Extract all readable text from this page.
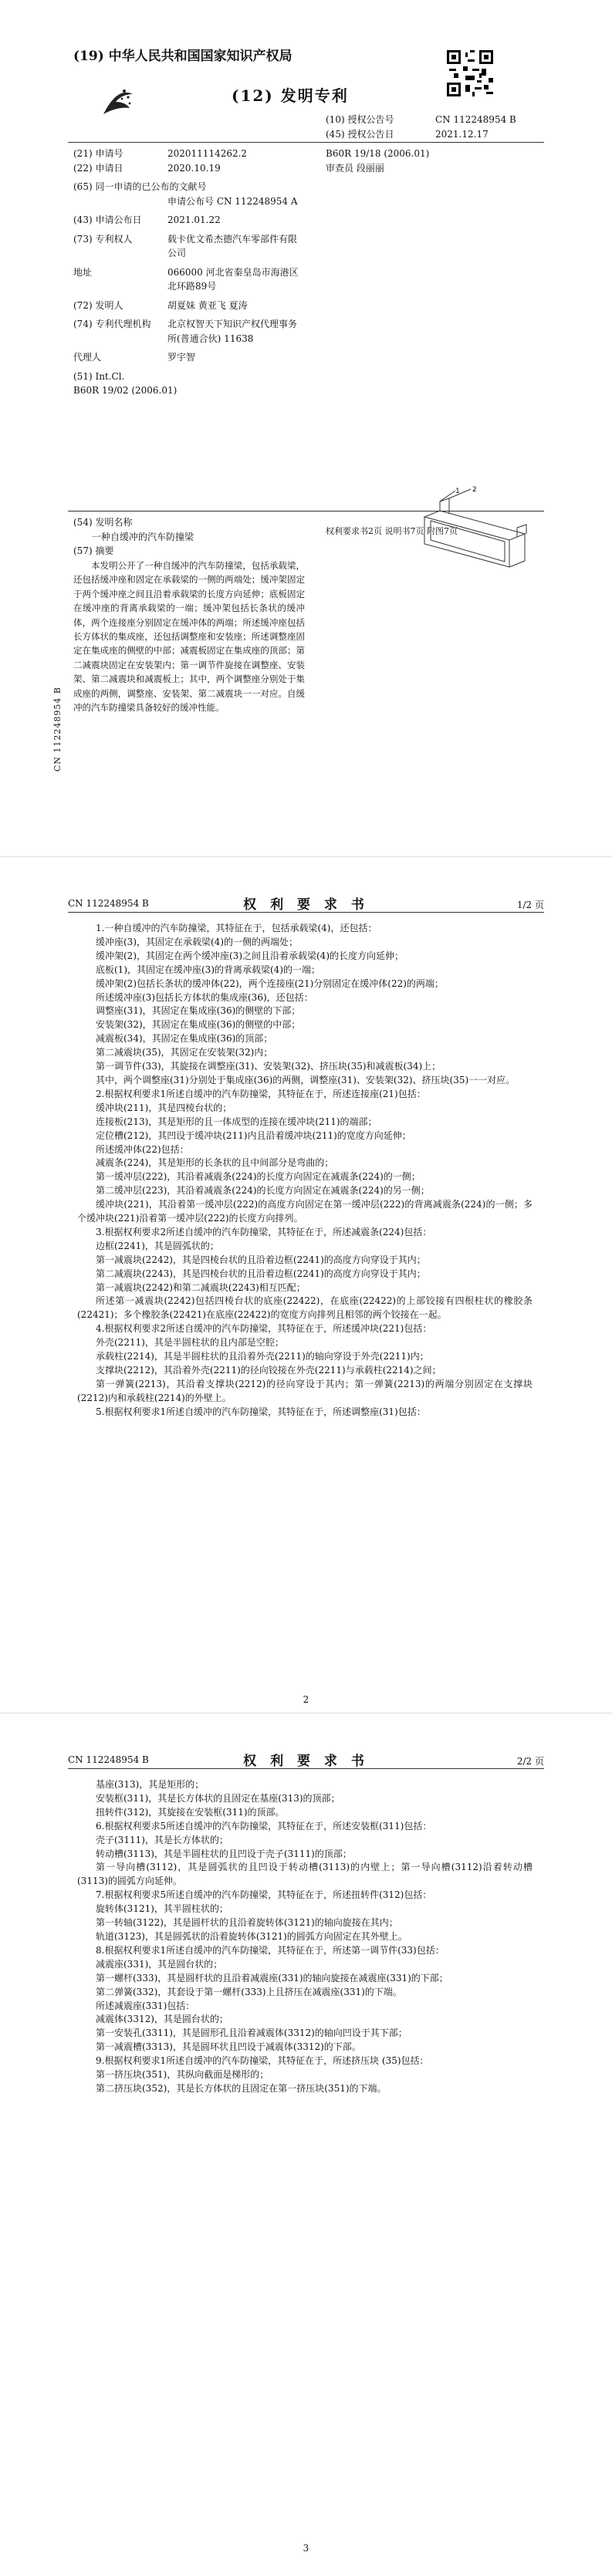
(19) 中华人民共和国国家知识产权局
(12) 发明专利
(10) 授权公告号	CN 112248954 B
(45) 授权公告日	2021.12.17
(21) 申请号	202011114262.2
(22) 申请日	2020.10.19
(65) 同一申请的已公布的文献号
申请公布号 CN 112248954 A
(43) 申请公布日	2021.01.22
(73) 专利权人	载卡优文希杰德汽车零部件有限公司
地址	066000 河北省秦皇岛市海港区北环路89号
(72) 发明人	胡夏妹 黄亚飞 夏涛
(74) 专利代理机构	北京权智天下知识产权代理事务所(普通合伙) 11638
代理人	罗宇智
(51) Int.Cl.
B60R 19/02 (2006.01)
B60R 19/18 (2006.01)
审查员 段丽丽
权利要求书2页 说明书7页 附图7页
(54) 发明名称
一种自缓冲的汽车防撞梁
(57) 摘要

本发明公开了一种自缓冲的汽车防撞梁，包括承载梁，还包括缓冲座和固定在承载梁的一侧的两端处；缓冲架固定于两个缓冲座之间且沿着承载梁的长度方向延伸；底板固定在缓冲座的背离承载梁的一端；缓冲架包括长条状的缓冲体，两个连接座分别固定在缓冲体的两端；所述缓冲座包括长方体状的集成座，还包括调整座和安装座；所述调整座固定在集成座的侧壁的中部；减震板固定在集成座的顶部；第二减震块固定在安装架内；第一调节件旋接在调整座、安装架、第二减震块和减震板上；其中，两个调整座分别处于集成座的两侧，调整座、安装架、第二减震块一一对应。自缓冲的汽车防撞梁具备较好的缓冲性能。

1 2
CN 112248954 B
CN 112248954 B	权 利 要 求 书	1/2 页
1.一种自缓冲的汽车防撞梁，其特征在于，包括承载梁(4)，还包括：
缓冲座(3)，其固定在承载梁(4)的一侧的两端处；
缓冲架(2)，其固定在两个缓冲座(3)之间且沿着承载梁(4)的长度方向延伸；
底板(1)，其固定在缓冲座(3)的背离承载梁(4)的一端；
缓冲架(2)包括长条状的缓冲体(22)，两个连接座(21)分别固定在缓冲体(22)的两端；
所述缓冲座(3)包括长方体状的集成座(36)，还包括：
调整座(31)，其固定在集成座(36)的侧壁的下部；
安装架(32)，其固定在集成座(36)的侧壁的中部；
减震板(34)，其固定在集成座(36)的顶部；
第二减震块(35)，其固定在安装架(32)内；
第一调节件(33)，其旋接在调整座(31)、安装架(32)、挤压块(35)和减震板(34)上；
其中，两个调整座(31)分别处于集成座(36)的两侧，调整座(31)、安装架(32)、挤压块(35)一一对应。
2.根据权利要求1所述自缓冲的汽车防撞梁，其特征在于，所述连接座(21)包括：
缓冲块(211)，其是四棱台状的；
连接板(213)，其是矩形的且一体成型的连接在缓冲块(211)的端部；
定位槽(212)，其凹设于缓冲块(211)内且沿着缓冲块(211)的宽度方向延伸；
所述缓冲体(22)包括：
减震条(224)，其是矩形的长条状的且中间部分是弯曲的；
第一缓冲层(222)，其沿着减震条(224)的长度方向固定在减震条(224)的一侧；
第二缓冲层(223)，其沿着减震条(224)的长度方向固定在减震条(224)的另一侧；
缓冲块(221)，其沿着第一缓冲层(222)的高度方向固定在第一缓冲层(222)的背离减震条(224)的一侧；多个缓冲块(221)沿着第一缓冲层(222)的长度方向排列。
3.根据权利要求2所述自缓冲的汽车防撞梁，其特征在于，所述减震条(224)包括：
边框(2241)，其是圆弧状的；
第一减震块(2242)，其是四棱台状的且沿着边框(2241)的高度方向穿设于其内；
第二减震块(2243)，其是四棱台状的且沿着边框(2241)的高度方向穿设于其内；
第一减震块(2242)和第二减震块(2243)相互匹配；
所述第一减震块(2242)包括四棱台状的底座(22422)，在底座(22422)的上部铰接有四根柱状的橡胶条(22421)；多个橡胶条(22421)在底座(22422)的宽度方向排列且相邻的两个铰接在一起。
4.根据权利要求2所述自缓冲的汽车防撞梁，其特征在于，所述缓冲块(221)包括：
外壳(2211)，其是半圆柱状的且内部是空腔；
承载柱(2214)，其是半圆柱状的且沿着外壳(2211)的轴向穿设于外壳(2211)内；
支撑块(2212)，其沿着外壳(2211)的径向铰接在外壳(2211)与承载柱(2214)之间；
第一弹簧(2213)，其沿着支撑块(2212)的径向穿设于其内；第一弹簧(2213)的两端分别固定在支撑块(2212)内和承载柱(2214)的外壁上。
5.根据权利要求1所述自缓冲的汽车防撞梁，其特征在于，所述调整座(31)包括：
2
CN 112248954 B	权 利 要 求 书	2/2 页
基座(313)，其是矩形的；
安装框(311)，其是长方体状的且固定在基座(313)的顶部；
扭转件(312)，其旋接在安装框(311)的顶部。
6.根据权利要求5所述自缓冲的汽车防撞梁，其特征在于，所述安装框(311)包括：
壳子(3111)，其是长方体状的；
转动槽(3113)，其是半圆柱状的且凹设于壳子(3111)的顶部；
第一导向槽(3112)，其是圆弧状的且凹设于转动槽(3113)的内壁上；第一导向槽(3112)沿着转动槽(3113)的圆弧方向延伸。
7.根据权利要求5所述自缓冲的汽车防撞梁，其特征在于，所述扭转件(312)包括：
旋转体(3121)，其半圆柱状的；
第一转轴(3122)，其是圆杆状的且沿着旋转体(3121)的轴向旋接在其内；
轨道(3123)，其是圆弧状的沿着旋转体(3121)的圆弧方向固定在其外壁上。
8.根据权利要求1所述自缓冲的汽车防撞梁，其特征在于，所述第一调节件(33)包括：
减震座(331)，其是圆台状的；
第一螺杆(333)，其是圆杆状的且沿着减震座(331)的轴向旋接在减震座(331)的下部；
第二弹簧(332)，其套设于第一螺杆(333)上且挤压在减震座(331)的下端。
所述减震座(331)包括：
减震体(3312)，其是圆台状的；
第一安装孔(3311)，其是圆形孔且沿着减震体(3312)的轴向凹设于其下部；
第一减震槽(3313)，其是圆环状且凹设于减震体(3312)的下部。
9.根据权利要求1所述自缓冲的汽车防撞梁，其特征在于，所述挤压块 (35)包括：
第一挤压块(351)，其纵向截面是梯形的；
第二挤压块(352)，其是长方体状的且固定在第一挤压块(351)的下端。
3
